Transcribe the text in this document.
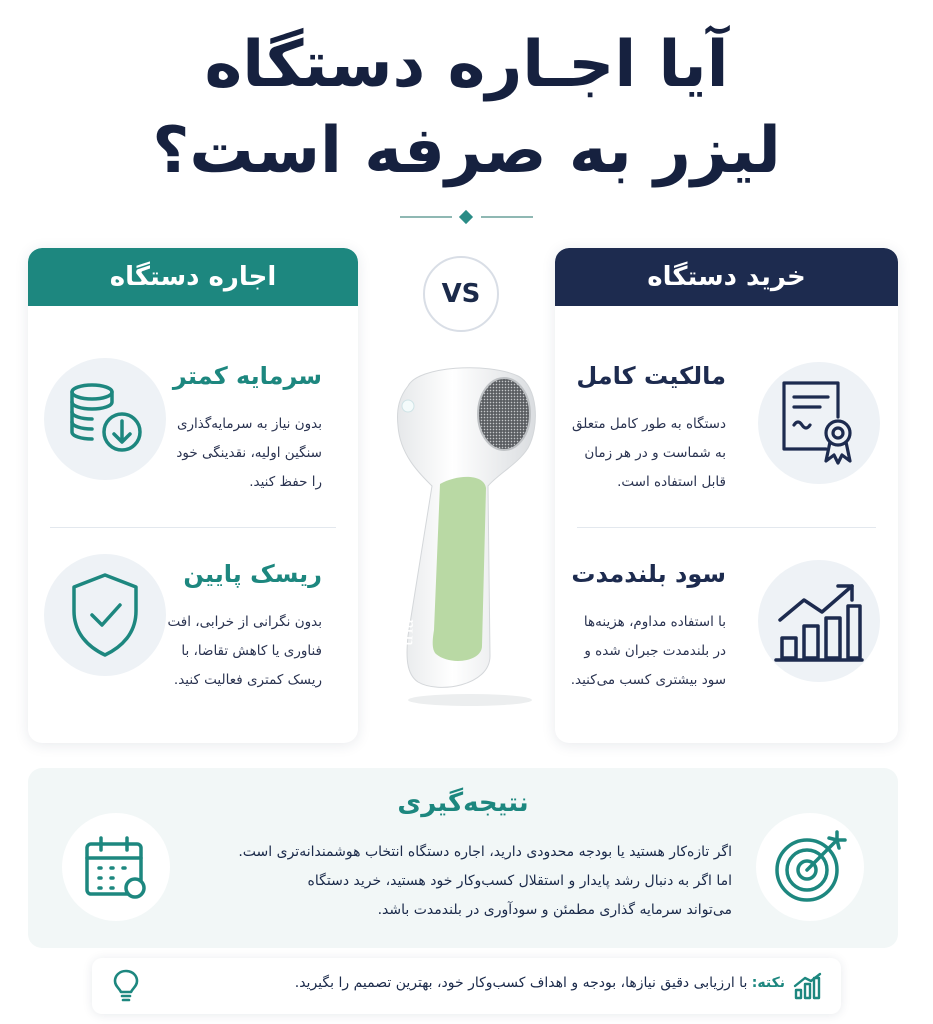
آیا اجـاره دستگاه
لیزر به صرفه است؟
اجاره دستگاه
سرمایه کمتر
بدون نیاز به سرمایه‌گذاری
سنگین اولیه، نقدینگی خود
را حفظ کنید.
ریسک پایین
بدون نگرانی از خرابی، افت
فناوری یا کاهش تقاضا، با
ریسک کمتری فعالیت کنید.
خرید دستگاه
مالکیت کامل
دستگاه به طور کامل متعلق
به شماست و در هر زمان
قابل استفاده است.
سود بلندمدت
با استفاده مداوم، هزینه‌ها
در بلندمدت جبران شده و
سود بیشتری کسب می‌کنید.
VS
tria
نتیجه‌گیری
اگر تازه‌کار هستید یا بودجه محدودی دارید، اجاره دستگاه انتخاب هوشمندانه‌تری است.
اما اگر به دنبال رشد پایدار و استقلال کسب‌وکار خود هستید، خرید دستگاه
می‌تواند سرمایه گذاری مطمئن و سودآوری در بلندمدت باشد.
نکته: با ارزیابی دقیق نیازها، بودجه و اهداف کسب‌وکار خود، بهترین تصمیم را بگیرید.
